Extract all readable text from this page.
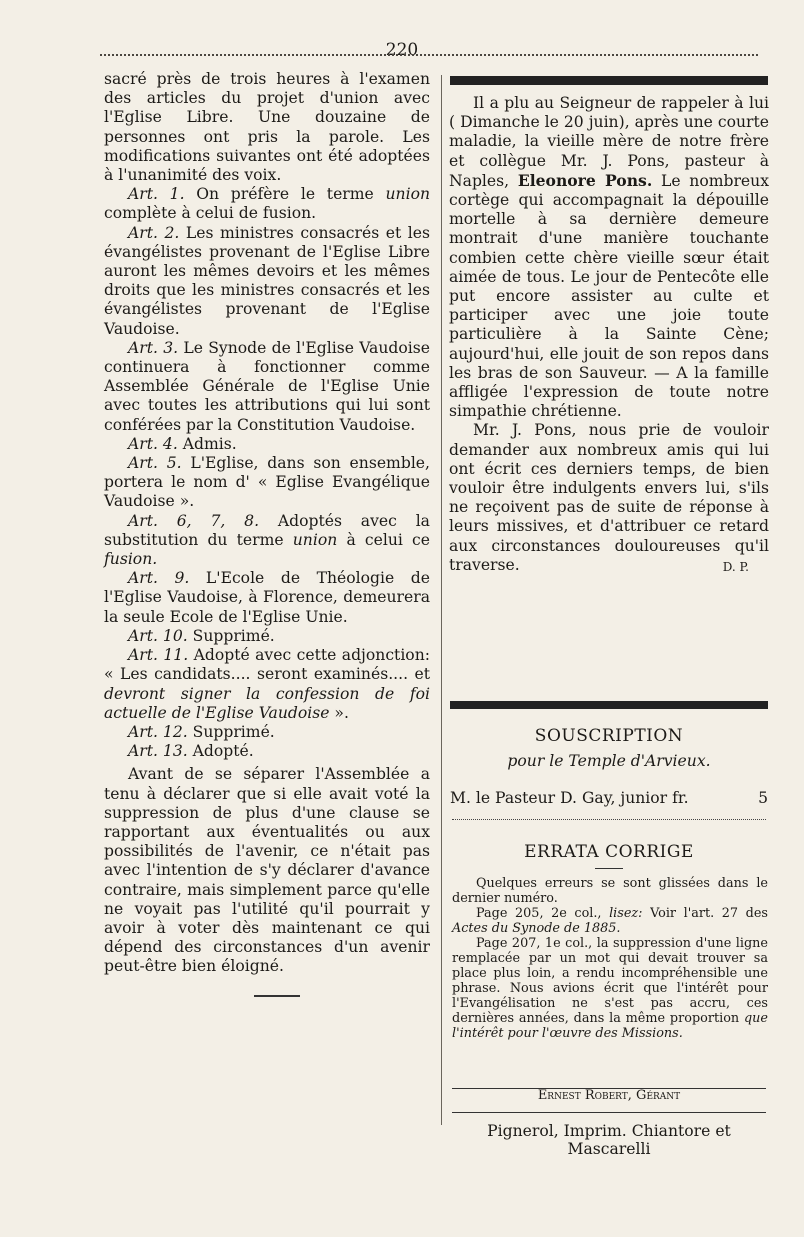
220

sacré près de trois heures à l'examen des articles du projet d'union avec l'Eglise Libre. Une douzaine de personnes ont pris la parole. Les modifications suivantes ont été adoptées à l'unanimité des voix.

Art. 1. On préfère le terme union complète à celui de fusion.

Art. 2. Les ministres consacrés et les évangélistes provenant de l'Eglise Libre auront les mêmes devoirs et les mêmes droits que les ministres consacrés et les évangélistes provenant de l'Eglise Vaudoise.

Art. 3. Le Synode de l'Eglise Vaudoise continuera à fonctionner comme Assemblée Générale de l'Eglise Unie avec toutes les attributions qui lui sont conférées par la Constitution Vaudoise.

Art. 4. Admis.

Art. 5. L'Eglise, dans son ensemble, portera le nom d' « Eglise Evangélique Vaudoise ».

Art. 6, 7, 8. Adoptés avec la substitution du terme union à celui ce fusion.

Art. 9. L'Ecole de Théologie de l'Eglise Vaudoise, à Florence, demeurera la seule Ecole de l'Eglise Unie.

Art. 10. Supprimé.

Art. 11. Adopté avec cette adjonction: « Les candidats.... seront examinés.... et devront signer la confession de foi actuelle de l'Eglise Vaudoise ».

Art. 12. Supprimé.

Art. 13. Adopté.

Avant de se séparer l'Assemblée a tenu à déclarer que si elle avait voté la suppression de plus d'une clause se rapportant aux éventualités ou aux possibilités de l'avenir, ce n'était pas avec l'intention de s'y déclarer d'avance contraire, mais simplement parce qu'elle ne voyait pas l'utilité qu'il pourrait y avoir à voter dès maintenant ce qui dépend des circonstances d'un avenir peut-être bien éloigné.

Il a plu au Seigneur de rappeler à lui ( Dimanche le 20 juin), après une courte maladie, la vieille mère de notre frère et collègue Mr. J. Pons, pasteur à Naples, Eleonore Pons. Le nombreux cortège qui accompagnait la dépouille mortelle à sa dernière demeure montrait d'une manière touchante combien cette chère vieille sœur était aimée de tous. Le jour de Pentecôte elle put encore assister au culte et participer avec une joie toute particulière à la Sainte Cène; aujourd'hui, elle jouit de son repos dans les bras de son Sauveur. — A la famille affligée l'expression de toute notre simpathie chrétienne.

Mr. J. Pons, nous prie de vouloir demander aux nombreux amis qui lui ont écrit ces derniers temps, de bien vouloir être indulgents envers lui, s'ils ne reçoivent pas de suite de réponse à leurs missives, et d'attribuer ce retard aux circonstances douloureuses qu'il traverse.	D. P.

SOUSCRIPTION
pour le Temple d'Arvieux.
M. le Pasteur D. Gay, junior fr.	5
ERRATA CORRIGE

Quelques erreurs se sont glissées dans le dernier numéro.

Page 205, 2e col., lisez: Voir l'art. 27 des Actes du Synode de 1885.

Page 207, 1e col., la suppression d'une ligne remplacée par un mot qui devait trouver sa place plus loin, a rendu incompréhensible une phrase. Nous avions écrit que l'intérêt pour l'Evangélisation ne s'est pas accru, ces dernières années, dans la même proportion que l'intérêt pour l'œuvre des Missions.

Ernest Robert, Gérant
Pignerol, Imprim. Chiantore et Mascarelli
